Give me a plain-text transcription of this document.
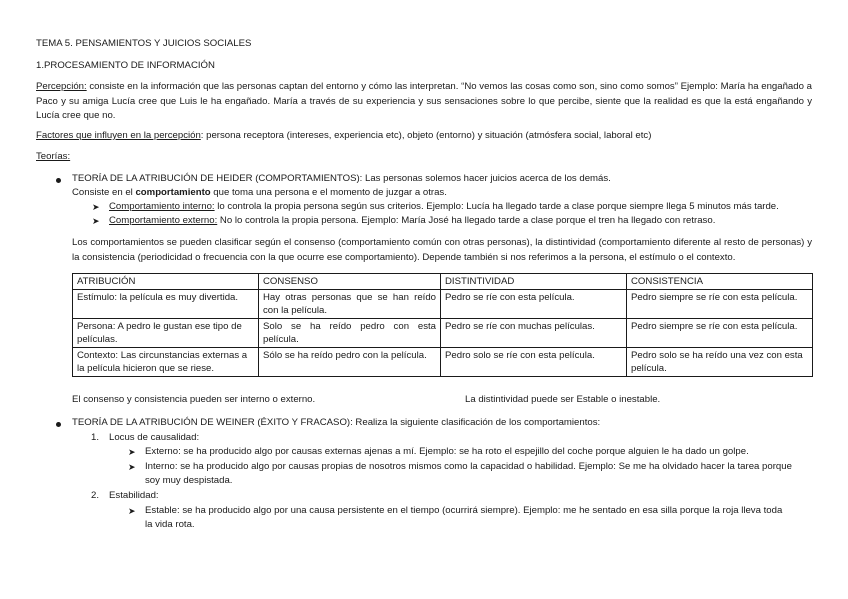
TEMA 5. PENSAMIENTOS Y JUICIOS SOCIALES
1.PROCESAMIENTO DE INFORMACIÓN
Percepción: consiste en la información que las personas captan del entorno y cómo las interpretan. “No vemos las cosas como son, sino como somos” Ejemplo: María ha engañado a Paco y su amiga Lucía cree que Luis le ha engañado. María a través de su experiencia y sus sensaciones sobre lo que percibe, siente que la realidad es que la está engañando y Lucía cree que no.
Factores que influyen en la percepción: persona receptora (intereses, experiencia etc), objeto (entorno) y situación (atmósfera social, laboral etc)
Teorías:
TEORÍA DE LA ATRIBUCIÓN DE HEIDER (COMPORTAMIENTOS): Las personas solemos hacer juicios acerca de los demás.
Consiste en el comportamiento que toma una persona e el momento de juzgar a otras.
➤ Comportamiento interno: lo controla la propia persona según sus criterios. Ejemplo: Lucía ha llegado tarde a clase porque siempre llega 5 minutos más tarde.
➤ Comportamiento externo: No lo controla la propia persona. Ejemplo: María José ha llegado tarde a clase porque el tren ha llegado con retraso.
Los comportamientos se pueden clasificar según el consenso (comportamiento común con otras personas), la distintividad (comportamiento diferente al resto de personas) y la consistencia (periodicidad o frecuencia con la que ocurre ese comportamiento). Depende también si nos referimos a la persona, el estímulo o el contexto.
ATRIBUCIÓN	CONSENSO	DISTINTIVIDAD	CONSISTENCIA
Estímulo: la película es muy divertida.	Hay otras personas que se han reído con la película.	Pedro se ríe con esta película.	Pedro siempre se ríe con esta película.
Persona: A pedro le gustan ese tipo de películas.	Solo se ha reído pedro con esta película.	Pedro se ríe con muchas películas.	Pedro siempre se ríe con esta película.
Contexto: Las circunstancias externas a la película hicieron que se riese.	Sólo se ha reído pedro con la película.	Pedro solo se ríe con esta película.	Pedro solo se ha reído una vez con esta película.
El consenso y consistencia pueden ser interno o externo.	La distintividad puede ser Estable o inestable.
TEORÍA DE LA ATRIBUCIÓN DE WEINER (ÉXITO Y FRACASO): Realiza la siguiente clasificación de los comportamientos:
1. Locus de causalidad:
➤ Externo: se ha producido algo por causas externas ajenas a mí. Ejemplo: se ha roto el espejillo del coche porque alguien le ha dado un golpe.
➤ Interno: se ha producido algo por causas propias de nosotros mismos como la capacidad o habilidad. Ejemplo: Se me ha olvidado hacer la tarea porque
soy muy despistada.
2. Estabilidad:
➤ Estable: se ha producido algo por una causa persistente en el tiempo (ocurrirá siempre). Ejemplo: me he sentado en esa silla porque la roja lleva toda
la vida rota.
